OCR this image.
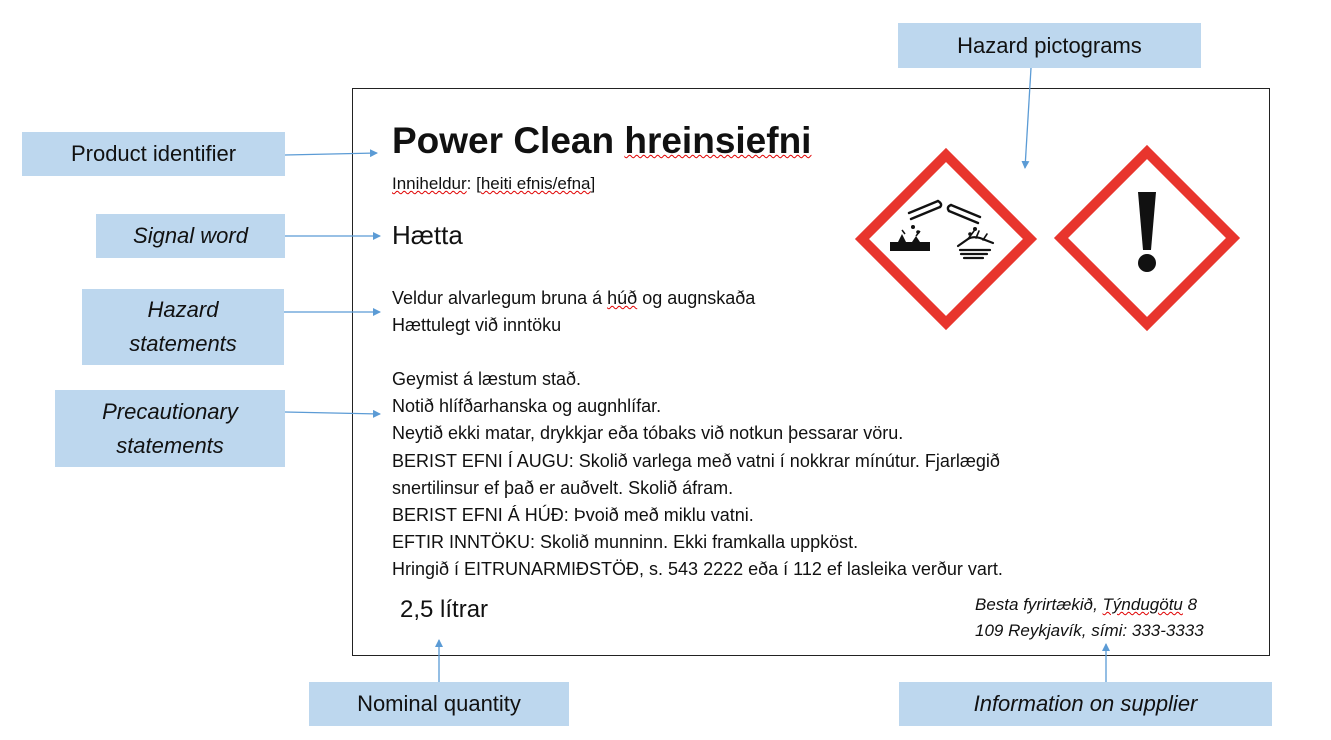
Hazard pictograms
Product identifier
Signal word
Hazard
statements
Precautionary
statements
Nominal quantity	Information on supplier
Power Clean hreinsiefni
Inniheldur: [heiti efnis/efna]
Hætta
Veldur alvarlegum bruna á húð og augnskaða
Hættulegt við inntöku
Geymist á læstum stað.
Notið hlífðarhanska og augnhlífar.
Neytið ekki matar, drykkjar eða tóbaks við notkun þessarar vöru.
BERIST EFNI Í AUGU: Skolið varlega með vatni í nokkrar mínútur. Fjarlægið
snertilinsur ef það er auðvelt. Skolið áfram.
BERIST EFNI Á HÚÐ: Þvoið með miklu vatni.
EFTIR INNTÖKU: Skolið munninn. Ekki framkalla uppköst.
Hringið í EITRUNARMIÐSTÖÐ, s. 543 2222 eða í 112 ef lasleika verður vart.
2,5 lítrar	Besta fyrirtækið, Týndugötu 8
109 Reykjavík, sími: 333-3333
